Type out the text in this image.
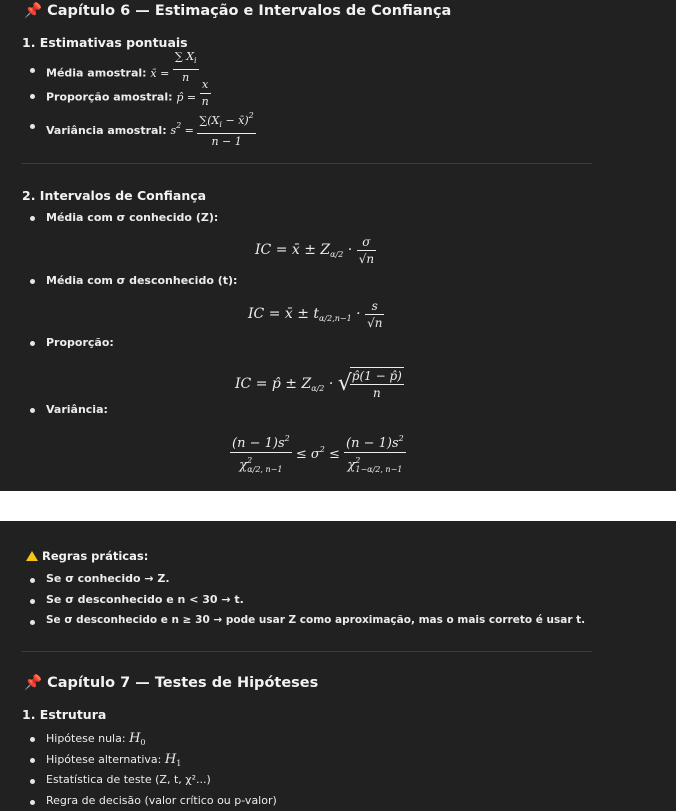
📌 Capítulo 6 — Estimação e Intervalos de Confiança
1. Estimativas pontuais
Média amostral: x̄ = $\frac{\sum X_i}{n}$
Proporção amostral: p̂ = $\frac{x}{n}$
Variância amostral: $s^2 = \frac{\sum(X_i - x̄)^2}{n - 1}$
2. Intervalos de Confiança
Média com σ conhecido (Z):
IC = x̄ ± $Z_{\alpha/2} \cdot \frac{\sigma}{√n}$
Média com σ desconhecido (t):
IC = x̄ ± $t_{\alpha/2,n-1} \cdot \frac{s}{√n}$
Proporção:
IC = p̂ ± $Z_{\alpha/2}$ · √
$\frac{p̂(1 - p̂)}{n}$
Variância:
$\frac{(n - 1)s^2}{\chi^2_{\alpha/2, n-1}} \le \sigma^2 \le \frac{(n - 1)s^2}{\chi^2_{1-\alpha/2, n-1}}$
Regras práticas:
Se σ conhecido → Z.
Se σ desconhecido e n < 30 → t.
Se σ desconhecido e n ≥ 30 → pode usar Z como aproximação, mas o mais correto é usar t.
📌 Capítulo 7 — Testes de Hipóteses
1. Estrutura
Hipótese nula: $H_0$
Hipótese alternativa: $H_1$
Estatística de teste (Z, t, χ²...)
Regra de decisão (valor crítico ou p-valor)
